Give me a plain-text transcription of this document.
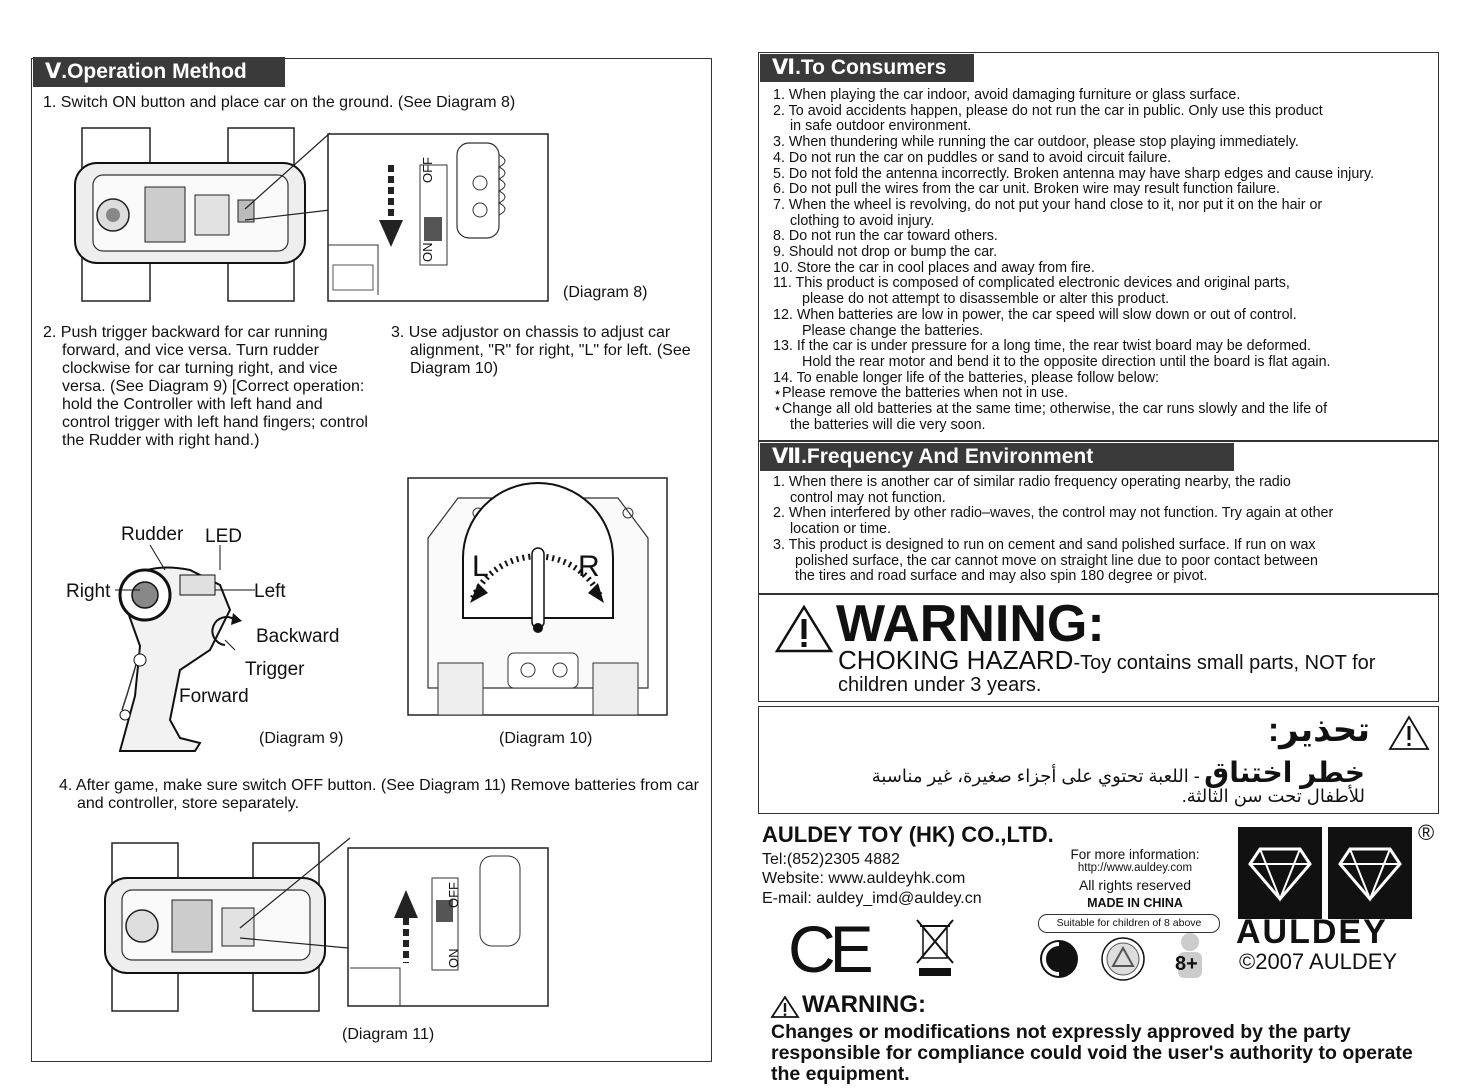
Ⅴ.Operation Method
1. Switch ON button and place car on the ground. (See Diagram 8)
OFF
ON
(Diagram 8)
2. Push trigger backward for car running forward, and vice versa. Turn rudder clockwise for car turning right, and vice versa. (See Diagram 9) [Correct operation: hold the Controller with left hand and control trigger with left hand fingers; control the Rudder with right hand.)
3. Use adjustor on chassis to adjust car alignment, "R" for right, "L" for left. (See Diagram 10)
Rudder LED
Right	Left
Backward
Trigger
Forward
(Diagram 9)
L	R
(Diagram 10)
4. After game, make sure switch OFF button. (See Diagram 11) Remove batteries from car and controller, store separately.
OFF
ON
(Diagram 11)
Ⅵ.To Consumers
1. When playing the car indoor, avoid damaging furniture or glass surface.
2. To avoid accidents happen, please do not run the car in public. Only use this product
in safe outdoor environment.
3. When thundering while running the car outdoor, please stop playing immediately.
4. Do not run the car on puddles or sand to avoid circuit failure.
5. Do not fold the antenna incorrectly. Broken antenna may have sharp edges and cause injury.
6. Do not pull the wires from the car unit. Broken wire may result function failure.
7. When the wheel is revolving, do not put your hand close to it, nor put it on the hair or
clothing to avoid injury.
8. Do not run the car toward others.
9. Should not drop or bump the car.
10. Store the car in cool places and away from fire.
11. This product is composed of complicated electronic devices and original parts,
please do not attempt to disassemble or alter this product.
12. When batteries are low in power, the car speed will slow down or out of control.
Please change the batteries.
13. If the car is under pressure for a long time, the rear twist board may be deformed.
Hold the rear motor and bend it to the opposite direction until the board is flat again.
14. To enable longer life of the batteries, please follow below:
⋆Please remove the batteries when not in use.
⋆Change all old batteries at the same time; otherwise, the car runs slowly and the life of
the batteries will die very soon.
Ⅶ.Frequency And Environment
1. When there is another car of similar radio frequency operating nearby, the radio
control may not function.
2. When interfered by other radio–waves, the control may not function. Try again at other
location or time.
3. This product is designed to run on cement and sand polished surface. If run on wax
polished surface, the car cannot move on straight line due to poor contact between
the tires and road surface and may also spin 180 degree or pivot.
WARNING:
CHOKING HAZARD-Toy contains small parts, NOT for
children under 3 years.
تحذير:
خطر اختناق - اللعبة تحتوي على أجزاء صغيرة، غير مناسبة
للأطفال تحت سن الثالثة.
AULDEY TOY (HK) CO.,LTD.
Tel:(852)2305 4882
Website: www.auldeyhk.com
E-mail: auldey_imd@auldey.cn
For more information:
http://www.auldey.com
All rights reserved
MADE IN CHINA
Suitable for children of 8 above
®
AULDEY
©2007 AULDEY
CE	8+
WARNING:
Changes or modifications not expressly approved by the party responsible for compliance could void the user's authority to operate the equipment.
